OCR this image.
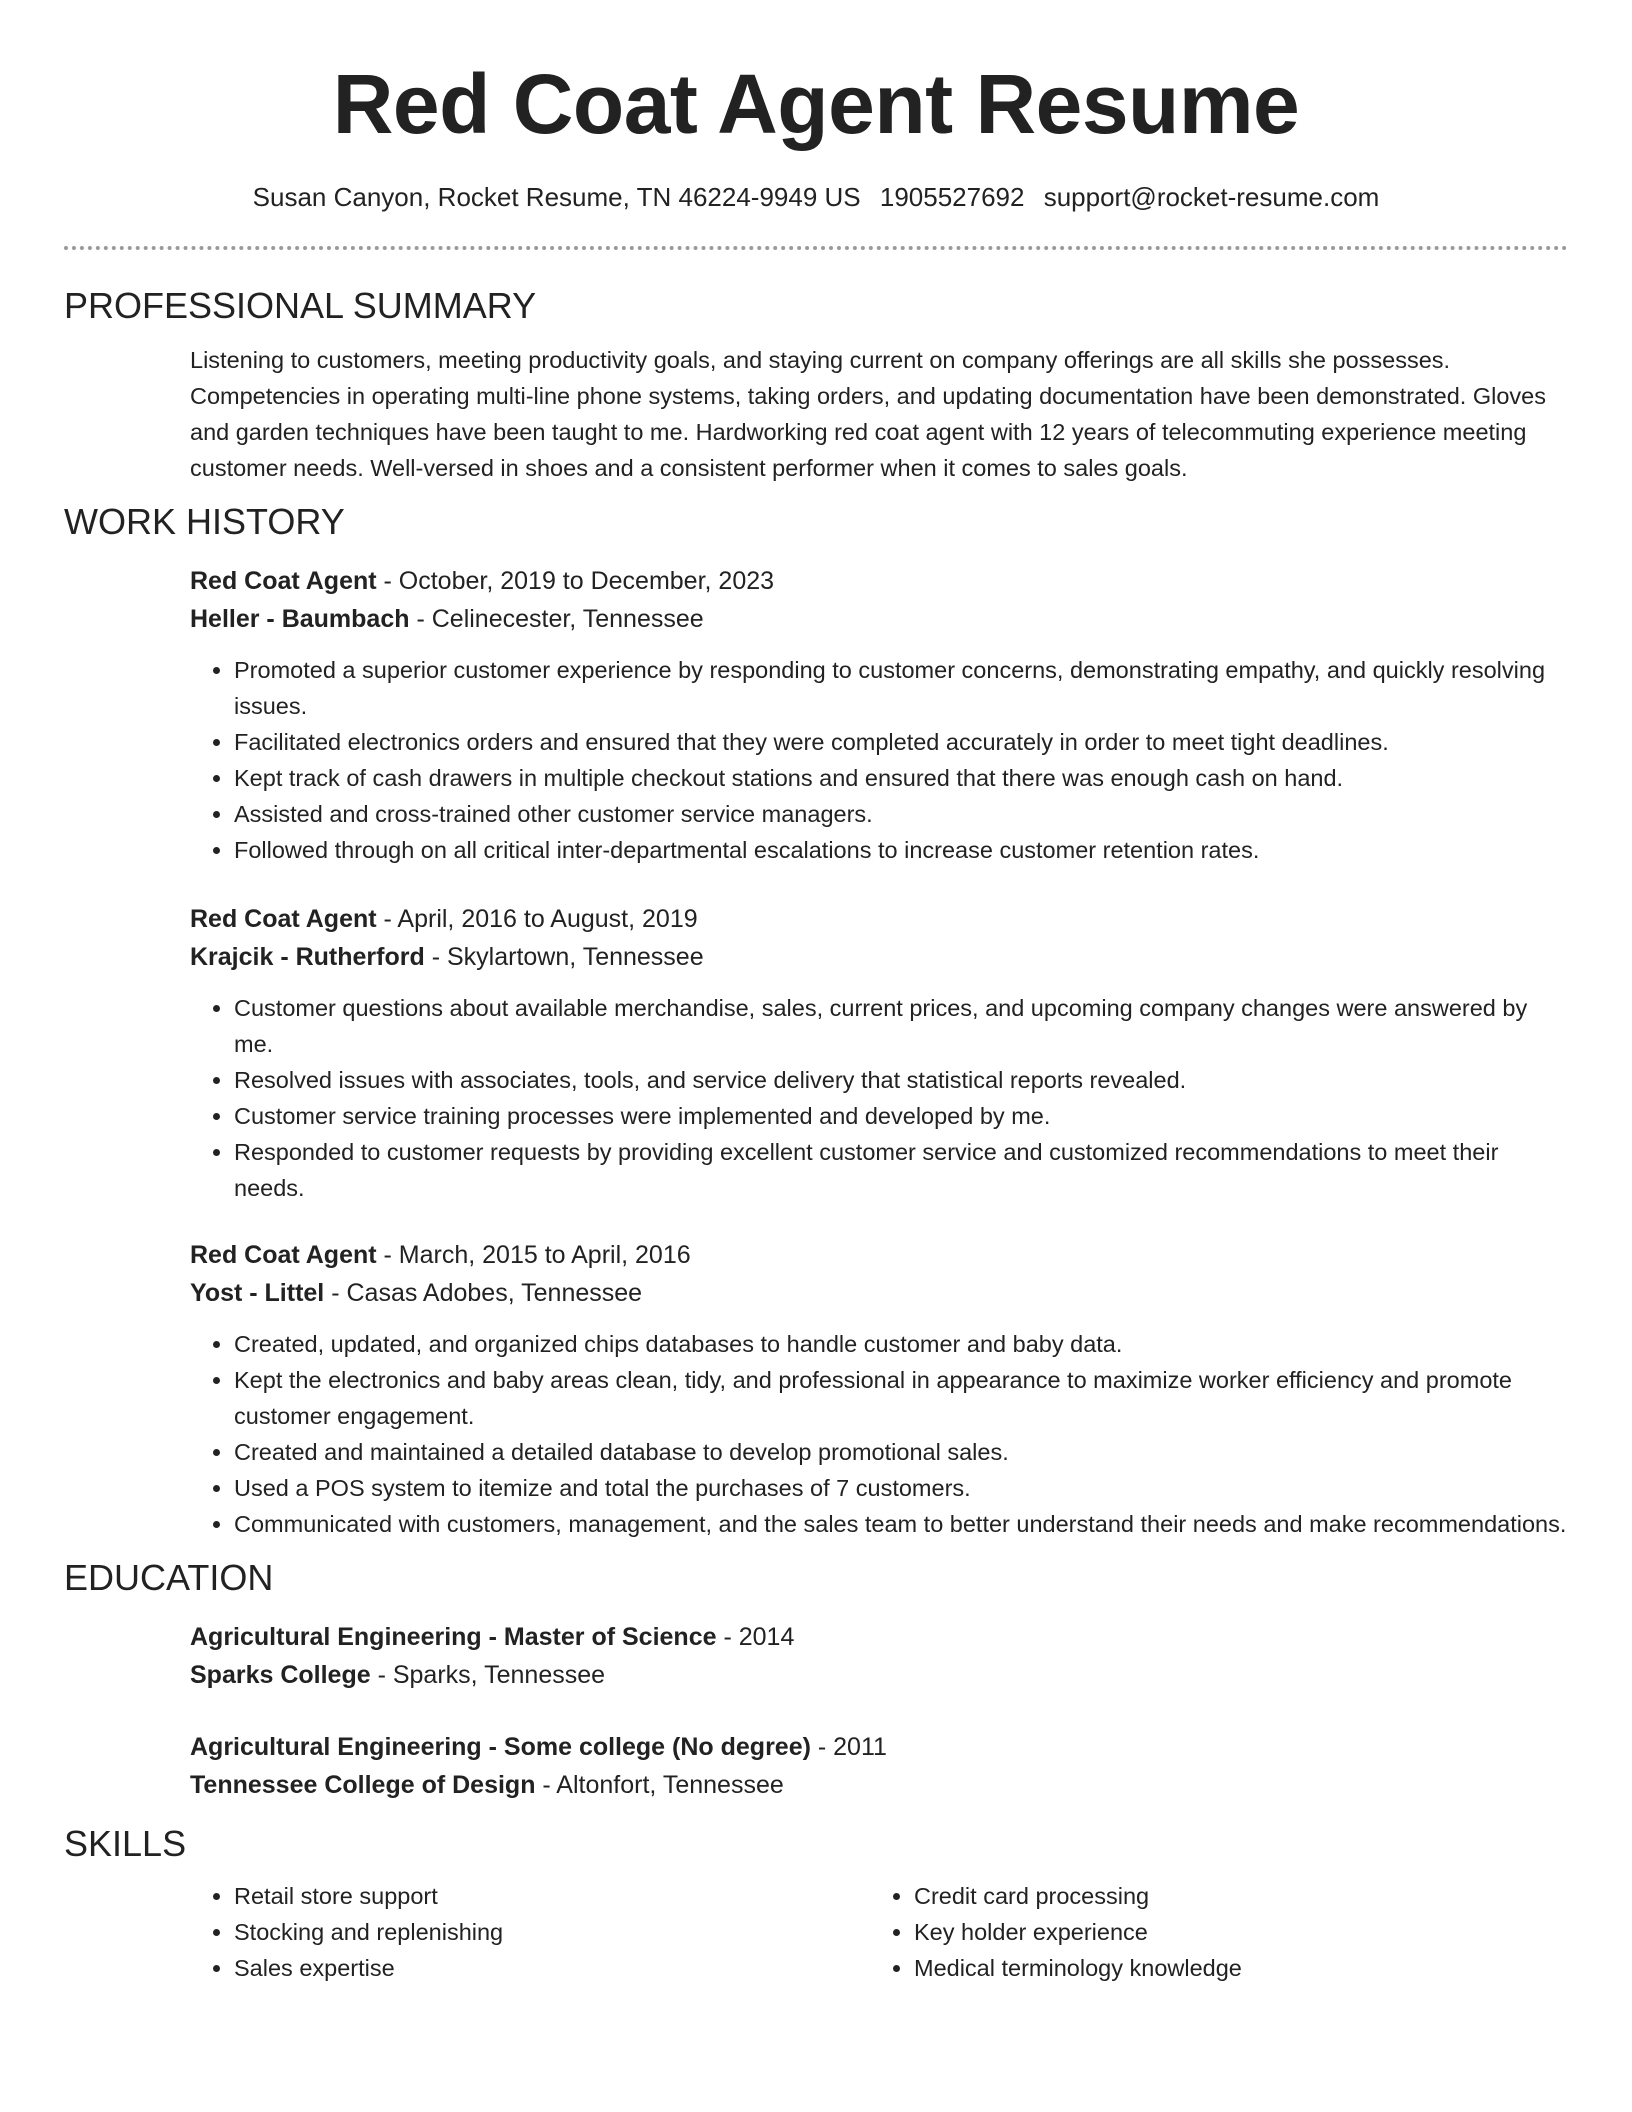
Red Coat Agent Resume
Susan Canyon, Rocket Resume, TN 46224-9949 US 1905527692 support@rocket-resume.com
PROFESSIONAL SUMMARY

Listening to customers, meeting productivity goals, and staying current on company offerings are all skills she possesses. Competencies in operating multi-line phone systems, taking orders, and updating documentation have been demonstrated. Gloves and garden techniques have been taught to me. Hardworking red coat agent with 12 years of telecommuting experience meeting customer needs. Well-versed in shoes and a consistent performer when it comes to sales goals.

WORK HISTORY
Red Coat Agent - October, 2019 to December, 2023
Heller - Baumbach - Celinecester, Tennessee
• Promoted a superior customer experience by responding to customer concerns, demonstrating empathy, and quickly resolving issues.
• Facilitated electronics orders and ensured that they were completed accurately in order to meet tight deadlines.
• Kept track of cash drawers in multiple checkout stations and ensured that there was enough cash on hand.
• Assisted and cross-trained other customer service managers.
• Followed through on all critical inter-departmental escalations to increase customer retention rates.
Red Coat Agent - April, 2016 to August, 2019
Krajcik - Rutherford - Skylartown, Tennessee
• Customer questions about available merchandise, sales, current prices, and upcoming company changes were answered by me.
• Resolved issues with associates, tools, and service delivery that statistical reports revealed.
• Customer service training processes were implemented and developed by me.
• Responded to customer requests by providing excellent customer service and customized recommendations to meet their needs.
Red Coat Agent - March, 2015 to April, 2016
Yost - Littel - Casas Adobes, Tennessee
• Created, updated, and organized chips databases to handle customer and baby data.
• Kept the electronics and baby areas clean, tidy, and professional in appearance to maximize worker efficiency and promote customer engagement.
• Created and maintained a detailed database to develop promotional sales.
• Used a POS system to itemize and total the purchases of 7 customers.
• Communicated with customers, management, and the sales team to better understand their needs and make recommendations.
EDUCATION
Agricultural Engineering - Master of Science - 2014
Sparks College - Sparks, Tennessee
Agricultural Engineering - Some college (No degree) - 2011
Tennessee College of Design - Altonfort, Tennessee
SKILLS
• Retail store support
• Stocking and replenishing
• Sales expertise
• Credit card processing
• Key holder experience
• Medical terminology knowledge
